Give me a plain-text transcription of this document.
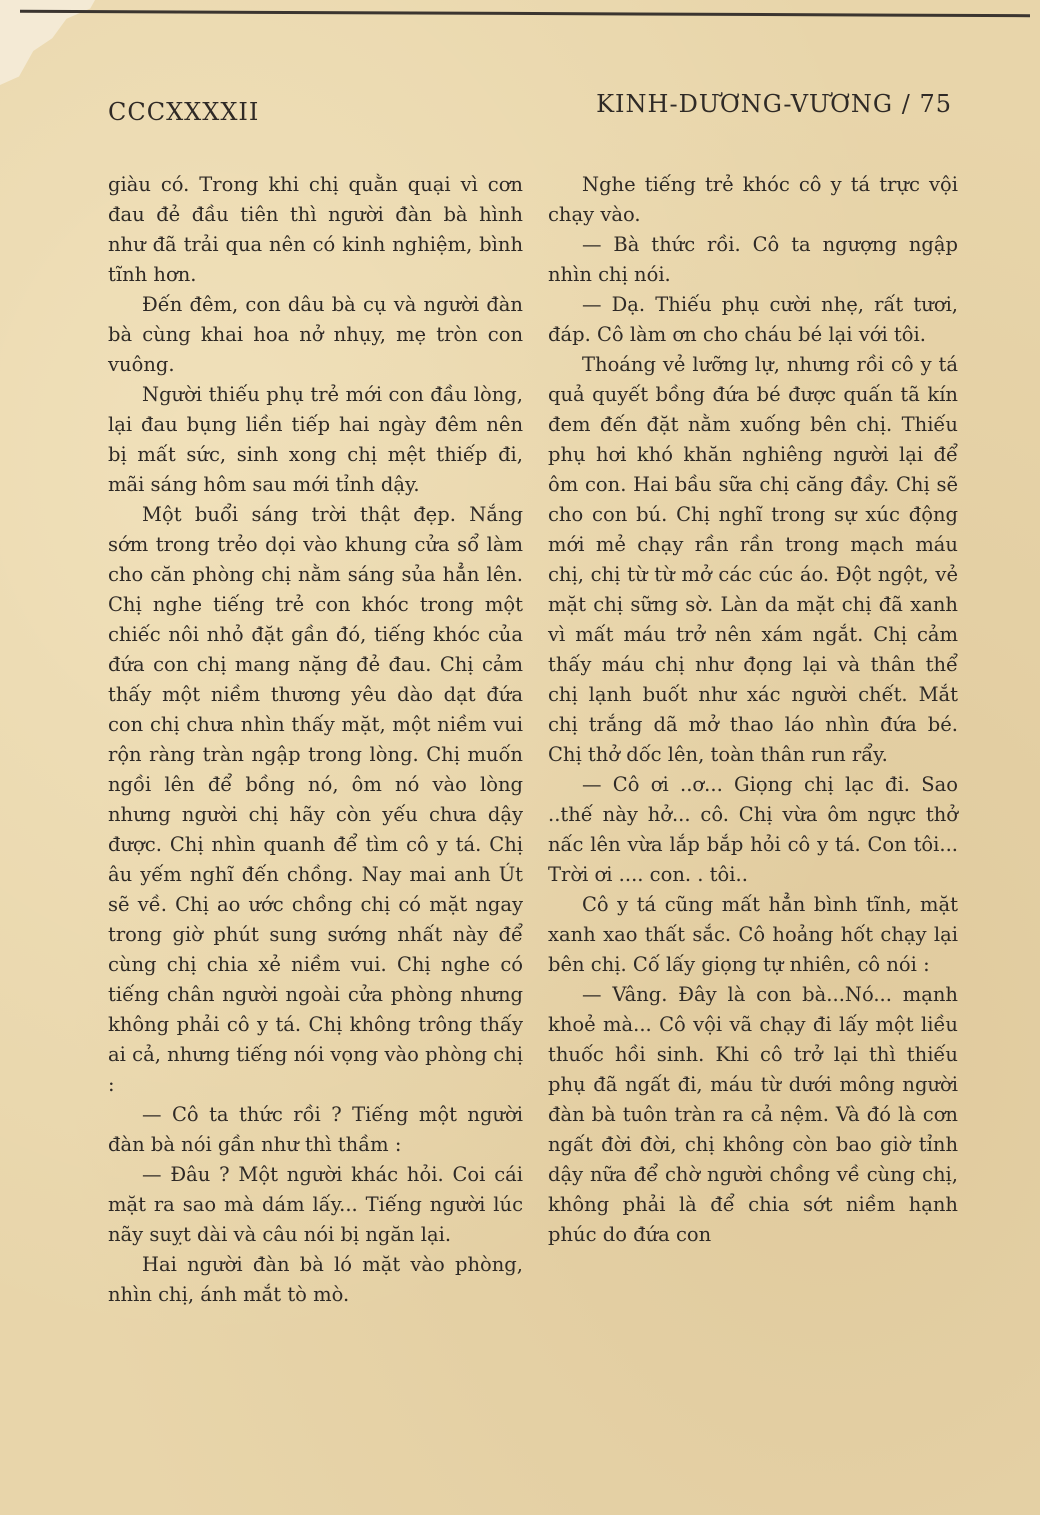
CCCXXXXII	KINH-DƯƠNG-VƯƠNG / 75

giàu có. Trong khi chị quằn quại vì cơn đau đẻ đầu tiên thì người đàn bà hình như đã trải qua nên có kinh nghiệm, bình tĩnh hơn.

Đến đêm, con dâu bà cụ và người đàn bà cùng khai hoa nở nhụy, mẹ tròn con vuông.

Người thiếu phụ trẻ mới con đầu lòng, lại đau bụng liền tiếp hai ngày đêm nên bị mất sức, sinh xong chị mệt thiếp đi, mãi sáng hôm sau mới tỉnh dậy.

Một buổi sáng trời thật đẹp. Nắng sớm trong trẻo dọi vào khung cửa sổ làm cho căn phòng chị nằm sáng sủa hẳn lên. Chị nghe tiếng trẻ con khóc trong một chiếc nôi nhỏ đặt gần đó, tiếng khóc của đứa con chị mang nặng đẻ đau. Chị cảm thấy một niềm thương yêu dào dạt đứa con chị chưa nhìn thấy mặt, một niềm vui rộn ràng tràn ngập trong lòng. Chị muốn ngồi lên để bồng nó, ôm nó vào lòng nhưng người chị hãy còn yếu chưa dậy được. Chị nhìn quanh để tìm cô y tá. Chị âu yếm nghĩ đến chồng. Nay mai anh Út sẽ về. Chị ao ước chồng chị có mặt ngay trong giờ phút sung sướng nhất này để cùng chị chia xẻ niềm vui. Chị nghe có tiếng chân người ngoài cửa phòng nhưng không phải cô y tá. Chị không trông thấy ai cả, nhưng tiếng nói vọng vào phòng chị :

— Cô ta thức rồi ? Tiếng một người đàn bà nói gần như thì thầm :

— Đâu ? Một người khác hỏi. Coi cái mặt ra sao mà dám lấy... Tiếng người lúc nãy suỵt dài và câu nói bị ngăn lại.

Hai người đàn bà ló mặt vào phòng, nhìn chị, ánh mắt tò mò.

Nghe tiếng trẻ khóc cô y tá trực vội chạy vào.

— Bà thức rồi. Cô ta ngượng ngập nhìn chị nói.

— Dạ. Thiếu phụ cười nhẹ, rất tươi, đáp. Cô làm ơn cho cháu bé lại với tôi.

Thoáng vẻ lưỡng lự, nhưng rồi cô y tá quả quyết bồng đứa bé được quấn tã kín đem đến đặt nằm xuống bên chị. Thiếu phụ hơi khó khăn nghiêng người lại để ôm con. Hai bầu sữa chị căng đầy. Chị sẽ cho con bú. Chị nghĩ trong sự xúc động mới mẻ chạy rần rần trong mạch máu chị, chị từ từ mở các cúc áo. Đột ngột, vẻ mặt chị sững sờ. Làn da mặt chị đã xanh vì mất máu trở nên xám ngắt. Chị cảm thấy máu chị như đọng lại và thân thể chị lạnh buốt như xác người chết. Mắt chị trắng dã mở thao láo nhìn đứa bé. Chị thở dốc lên, toàn thân run rẩy.

— Cô ơi ..ơ... Giọng chị lạc đi. Sao ..thế này hở... cô. Chị vừa ôm ngực thở nấc lên vừa lắp bắp hỏi cô y tá. Con tôi... Trời ơi .... con. . tôi..

Cô y tá cũng mất hẳn bình tĩnh, mặt xanh xao thất sắc. Cô hoảng hốt chạy lại bên chị. Cố lấy giọng tự nhiên, cô nói :

— Vâng. Đây là con bà...Nó... mạnh khoẻ mà... Cô vội vã chạy đi lấy một liều thuốc hồi sinh. Khi cô trở lại thì thiếu phụ đã ngất đi, máu từ dưới mông người đàn bà tuôn tràn ra cả nệm. Và đó là cơn ngất đời đời, chị không còn bao giờ tỉnh dậy nữa để chờ người chồng về cùng chị, không phải là để chia sớt niềm hạnh phúc do đứa con
